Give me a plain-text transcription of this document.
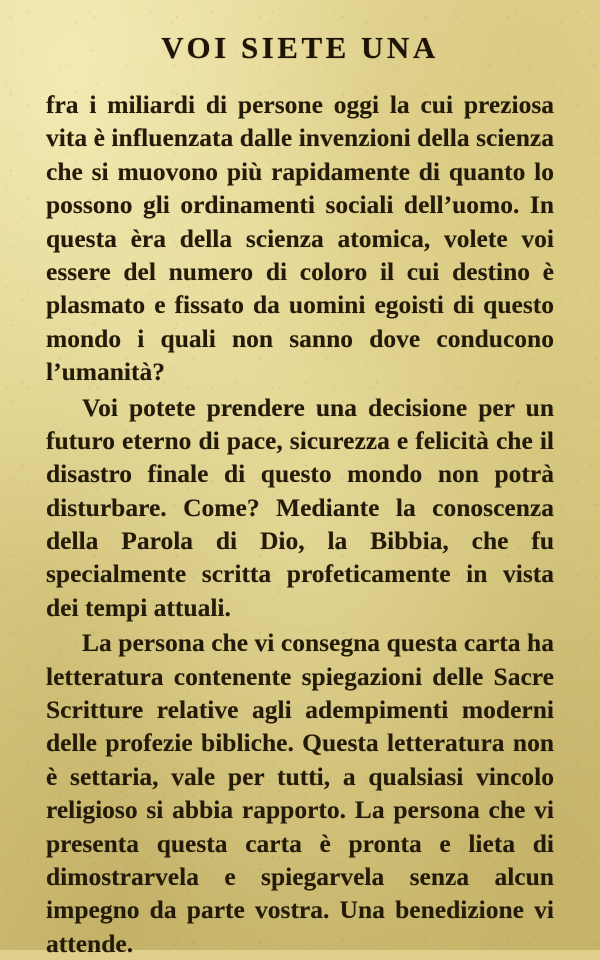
VOI SIETE UNA

fra i miliardi di persone oggi la cui preziosa vita è influenzata dalle invenzioni della scienza che si muovono più rapidamente di quanto lo possono gli ordinamenti sociali dell’uomo. In questa èra della scienza atomica, volete voi essere del numero di coloro il cui destino è plasmato e fissato da uomini egoisti di questo mondo i quali non sanno dove conducono l’umanità?

Voi potete prendere una decisione per un futuro eterno di pace, sicurezza e felicità che il disastro finale di questo mondo non potrà disturbare. Come? Mediante la conoscenza della Parola di Dio, la Bibbia, che fu specialmente scritta profeticamente in vista dei tempi attuali.

La persona che vi consegna questa carta ha letteratura contenente spiegazioni delle Sacre Scritture relative agli adempimenti moderni delle profezie bibliche. Questa letteratura non è settaria, vale per tutti, a qualsiasi vincolo religioso si abbia rapporto. La persona che vi presenta questa carta è pronta e lieta di dimostrarvela e spiegarvela senza alcun impegno da parte vostra. Una benedizione vi attende.
